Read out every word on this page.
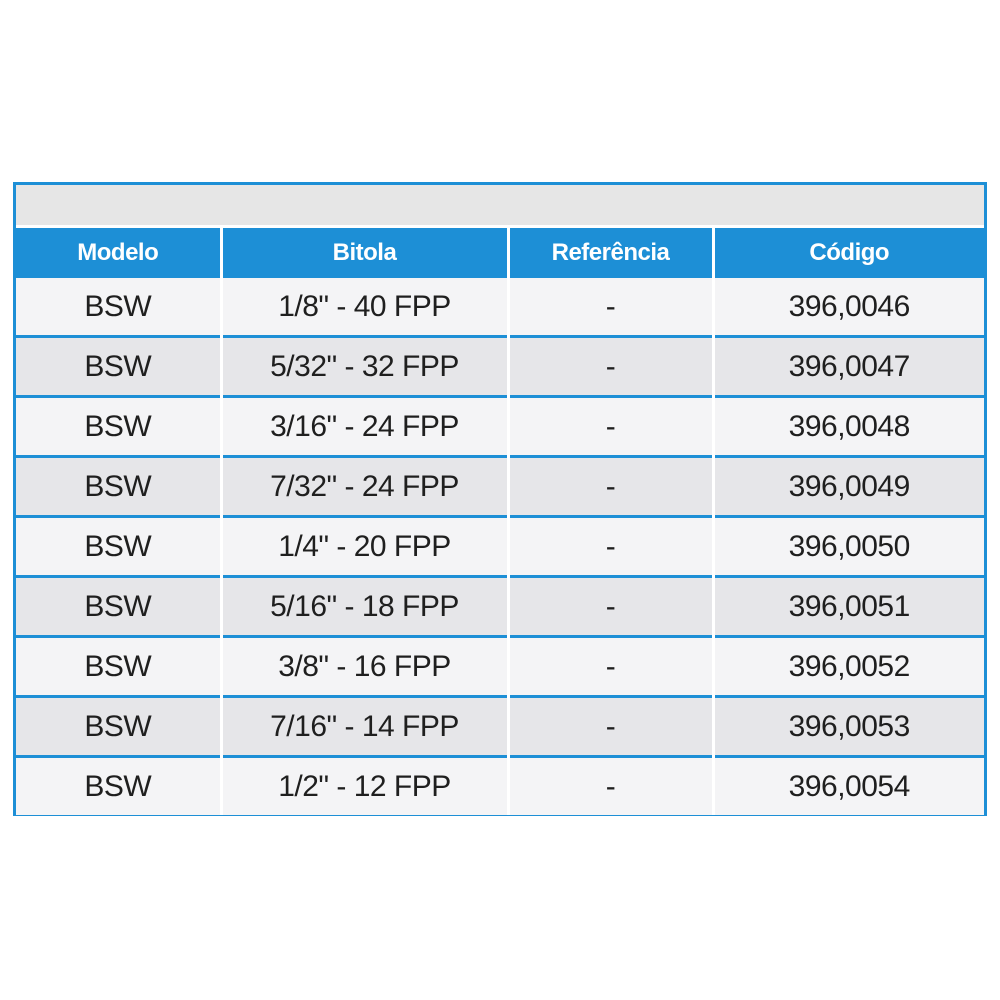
Modelo	Bitola	Referência	Código
BSW	1/8" - 40 FPP	-	396,0046
BSW	5/32" - 32 FPP	-	396,0047
BSW	3/16" - 24 FPP	-	396,0048
BSW	7/32" - 24 FPP	-	396,0049
BSW	1/4" - 20 FPP	-	396,0050
BSW	5/16" - 18 FPP	-	396,0051
BSW	3/8" - 16 FPP	-	396,0052
BSW	7/16" - 14 FPP	-	396,0053
BSW	1/2" - 12 FPP	-	396,0054
